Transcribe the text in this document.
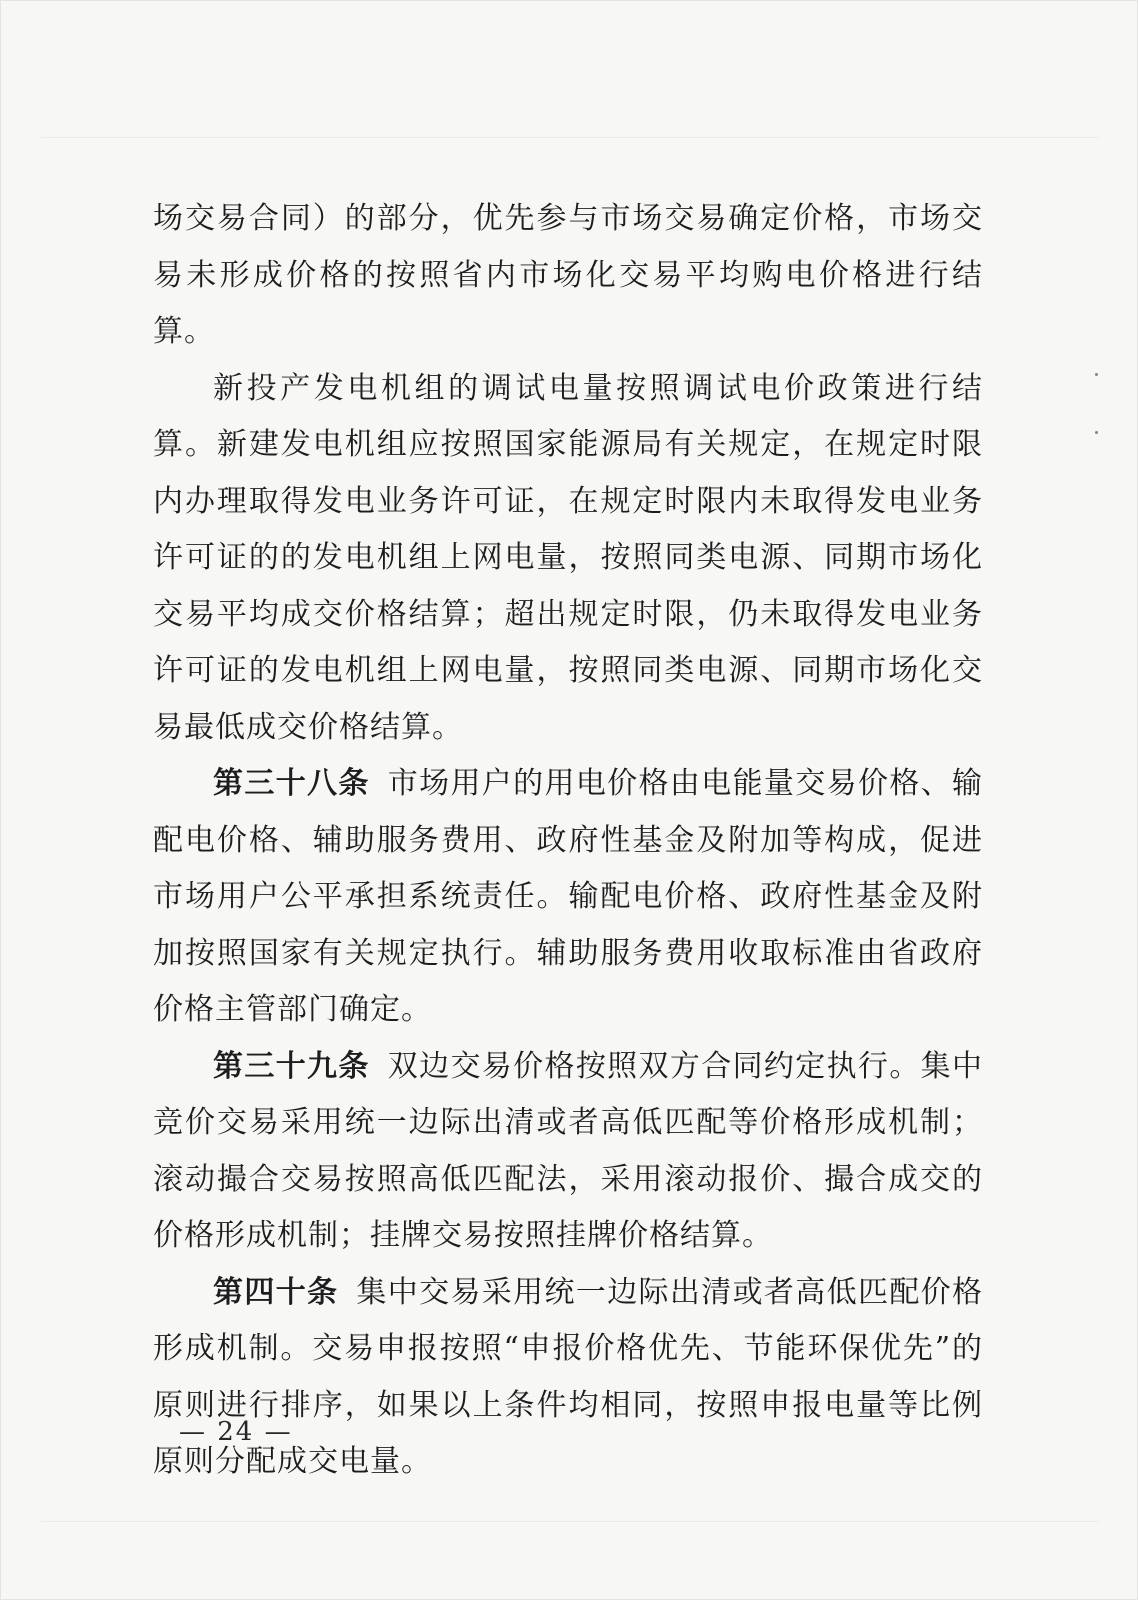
场交易合同）的部分，优先参与市场交易确定价格，市场交易未形成价格的按照省内市场化交易平均购电价格进行结算。

新投产发电机组的调试电量按照调试电价政策进行结算。新建发电机组应按照国家能源局有关规定，在规定时限内办理取得发电业务许可证，在规定时限内未取得发电业务许可证的的发电机组上网电量，按照同类电源、同期市场化交易平均成交价格结算；超出规定时限，仍未取得发电业务许可证的发电机组上网电量，按照同类电源、同期市场化交易最低成交价格结算。

第三十八条 市场用户的用电价格由电能量交易价格、输配电价格、辅助服务费用、政府性基金及附加等构成，促进市场用户公平承担系统责任。输配电价格、政府性基金及附加按照国家有关规定执行。辅助服务费用收取标准由省政府价格主管部门确定。

第三十九条 双边交易价格按照双方合同约定执行。集中竞价交易采用统一边际出清或者高低匹配等价格形成机制；滚动撮合交易按照高低匹配法，采用滚动报价、撮合成交的价格形成机制；挂牌交易按照挂牌价格结算。

第四十条 集中交易采用统一边际出清或者高低匹配价格形成机制。交易申报按照“申报价格优先、节能环保优先”的原则进行排序，如果以上条件均相同，按照申报电量等比例原则分配成交电量。

— 24 —
